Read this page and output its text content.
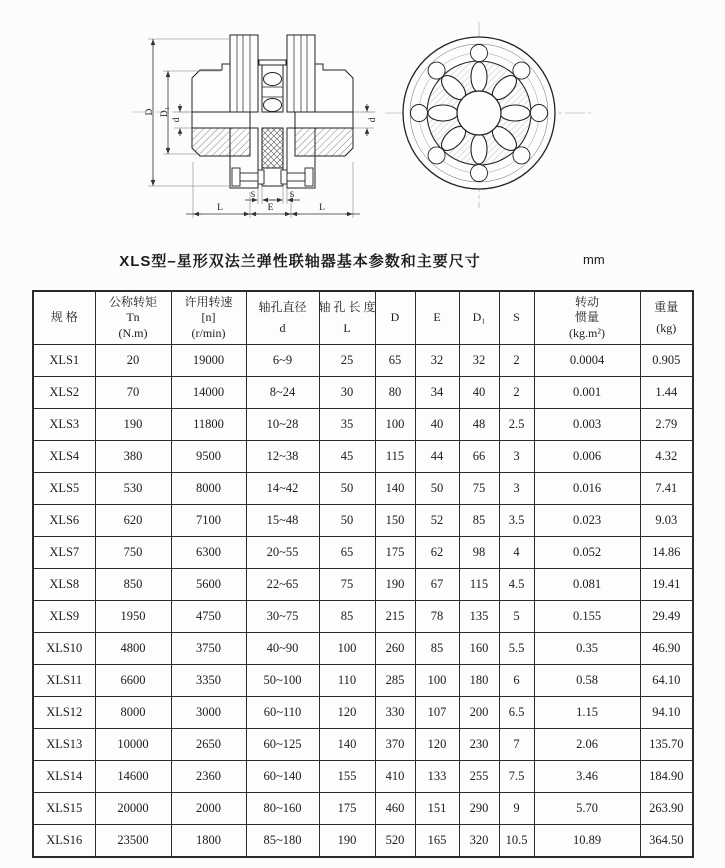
D D₁
d	d
L	E	L
S	S
XLS型–星形双法兰弹性联轴器基本参数和主要尺寸	mm
规 格

公称转矩
Tn
(N.m)

许用转速
[n]
(r/min)

轴孔直径
d

轴 孔 长 度
L

D	E	D₁	S

转动
惯量
(kg.m²)

重量
(kg)

XLS1	20	19000	6~9	25	65	32	32	2	0.0004	0.905
XLS2	70	14000	8~24	30	80	34	40	2	0.001	1.44
XLS3	190	11800	10~28	35	100	40	48	2.5	0.003	2.79
XLS4	380	9500	12~38	45	115	44	66	3	0.006	4.32
XLS5	530	8000	14~42	50	140	50	75	3	0.016	7.41
XLS6	620	7100	15~48	50	150	52	85	3.5	0.023	9.03
XLS7	750	6300	20~55	65	175	62	98	4	0.052	14.86
XLS8	850	5600	22~65	75	190	67	115	4.5	0.081	19.41
XLS9	1950	4750	30~75	85	215	78	135	5	0.155	29.49
XLS10	4800	3750	40~90	100	260	85	160	5.5	0.35	46.90
XLS11	6600	3350	50~100	110	285	100	180	6	0.58	64.10
XLS12	8000	3000	60~110	120	330	107	200	6.5	1.15	94.10
XLS13	10000	2650	60~125	140	370	120	230	7	2.06	135.70
XLS14	14600	2360	60~140	155	410	133	255	7.5	3.46	184.90
XLS15	20000	2000	80~160	175	460	151	290	9	5.70	263.90
XLS16	23500	1800	85~180	190	520	165	320	10.5	10.89	364.50
